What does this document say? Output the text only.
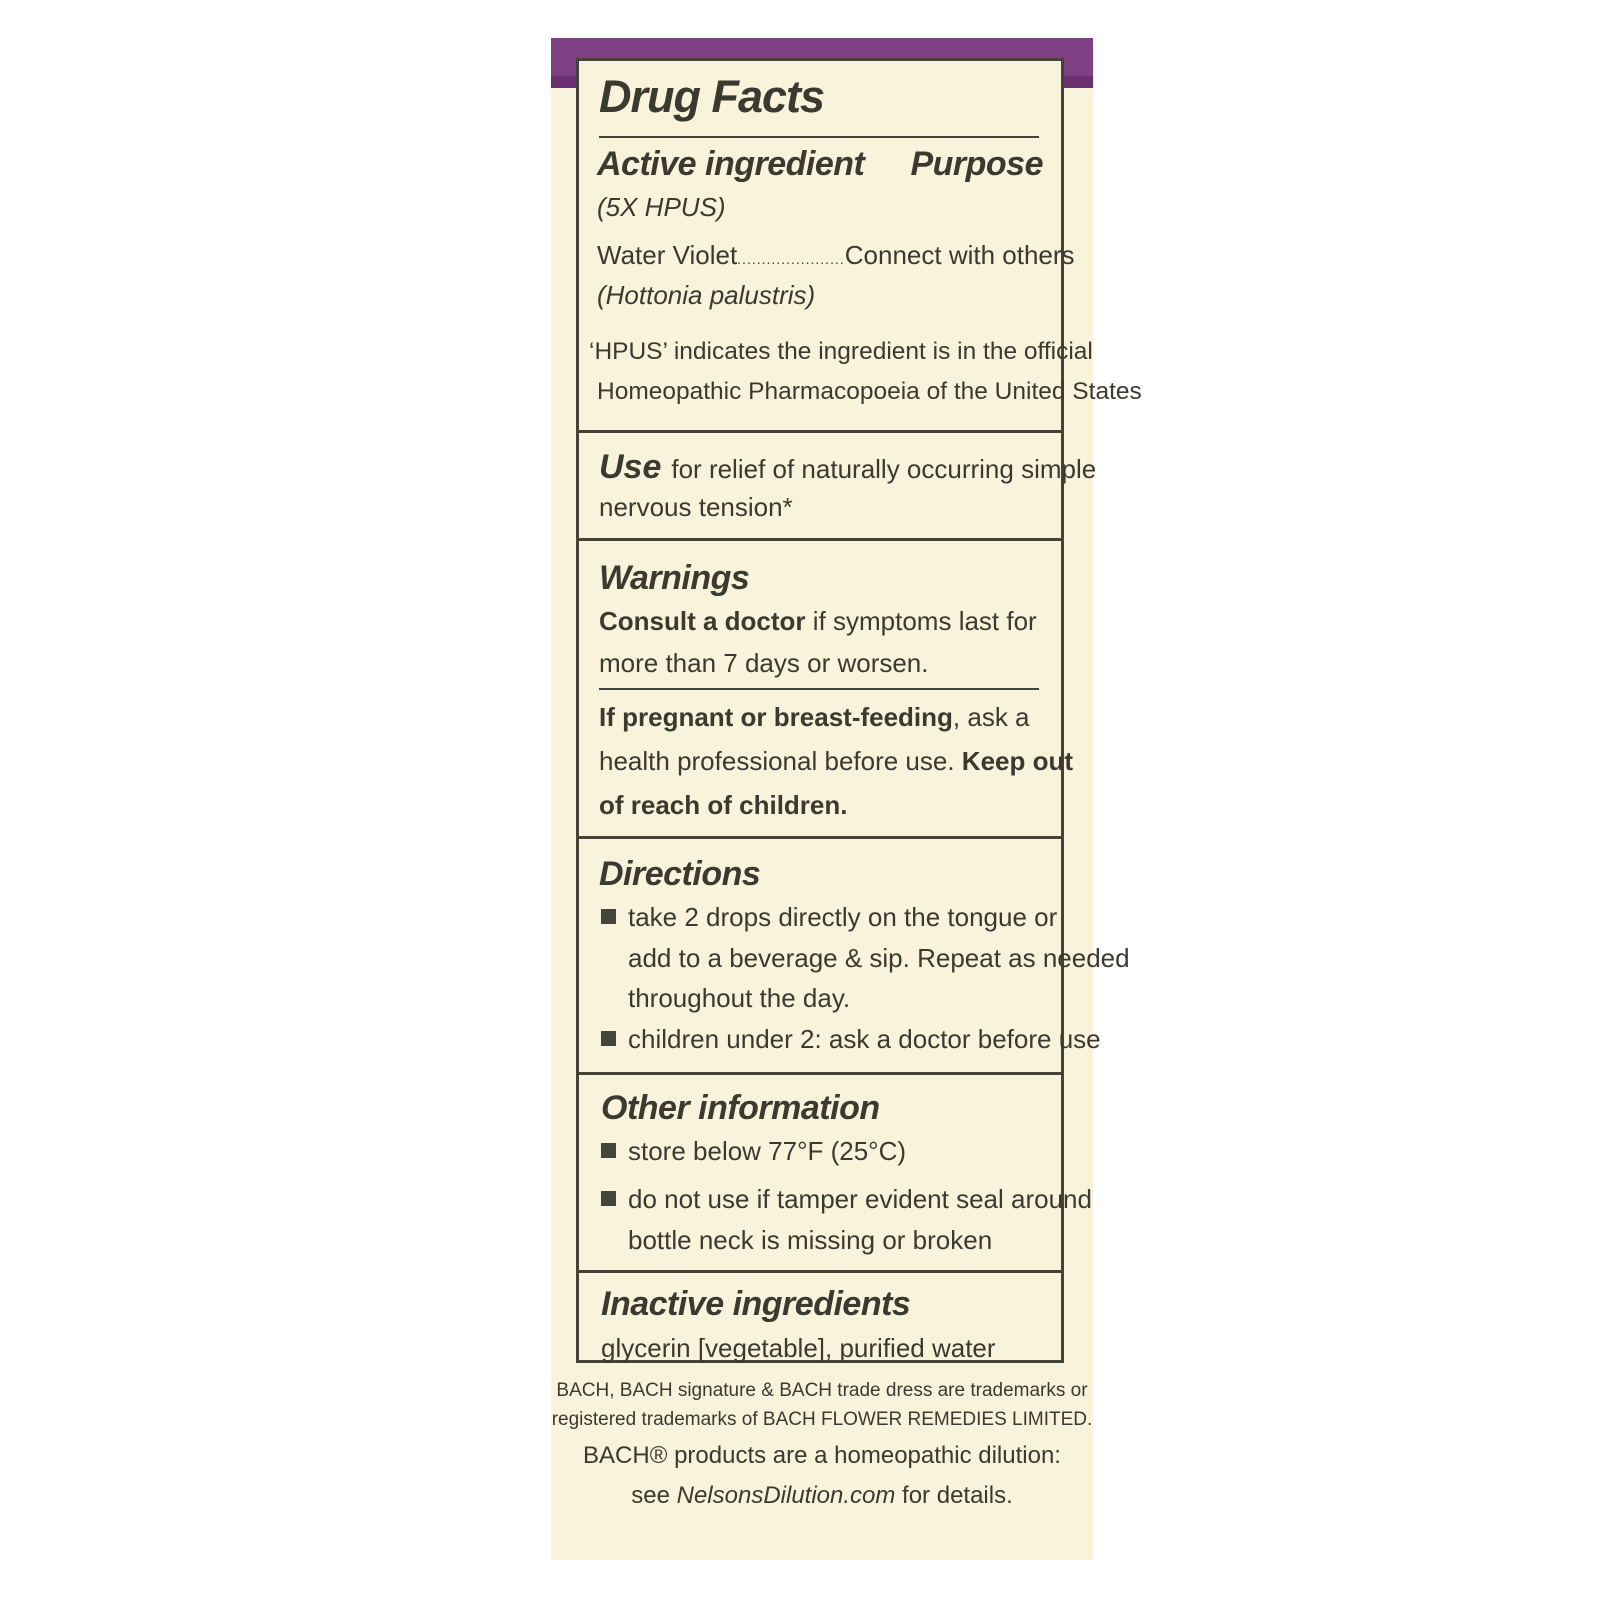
Drug Facts
Active ingredient Purpose
(5X HPUS)
Water Violet......................Connect with others
(Hottonia palustris)
‘HPUS’ indicates the ingredient is in the official
Homeopathic Pharmacopoeia of the United States
Use for relief of naturally occurring simple
nervous tension*
Warnings
Consult a doctor if symptoms last for
more than 7 days or worsen.
If pregnant or breast-feeding, ask a
health professional before use. Keep out
of reach of children.
Directions
take 2 drops directly on the tongue or
add to a beverage & sip. Repeat as needed
throughout the day.
children under 2: ask a doctor before use
Other information
store below 77°F (25°C)
do not use if tamper evident seal around
bottle neck is missing or broken
Inactive ingredients
glycerin [vegetable], purified water
BACH, BACH signature & BACH trade dress are trademarks or
registered trademarks of BACH FLOWER REMEDIES LIMITED.
BACH® products are a homeopathic dilution:
see NelsonsDilution.com for details.
